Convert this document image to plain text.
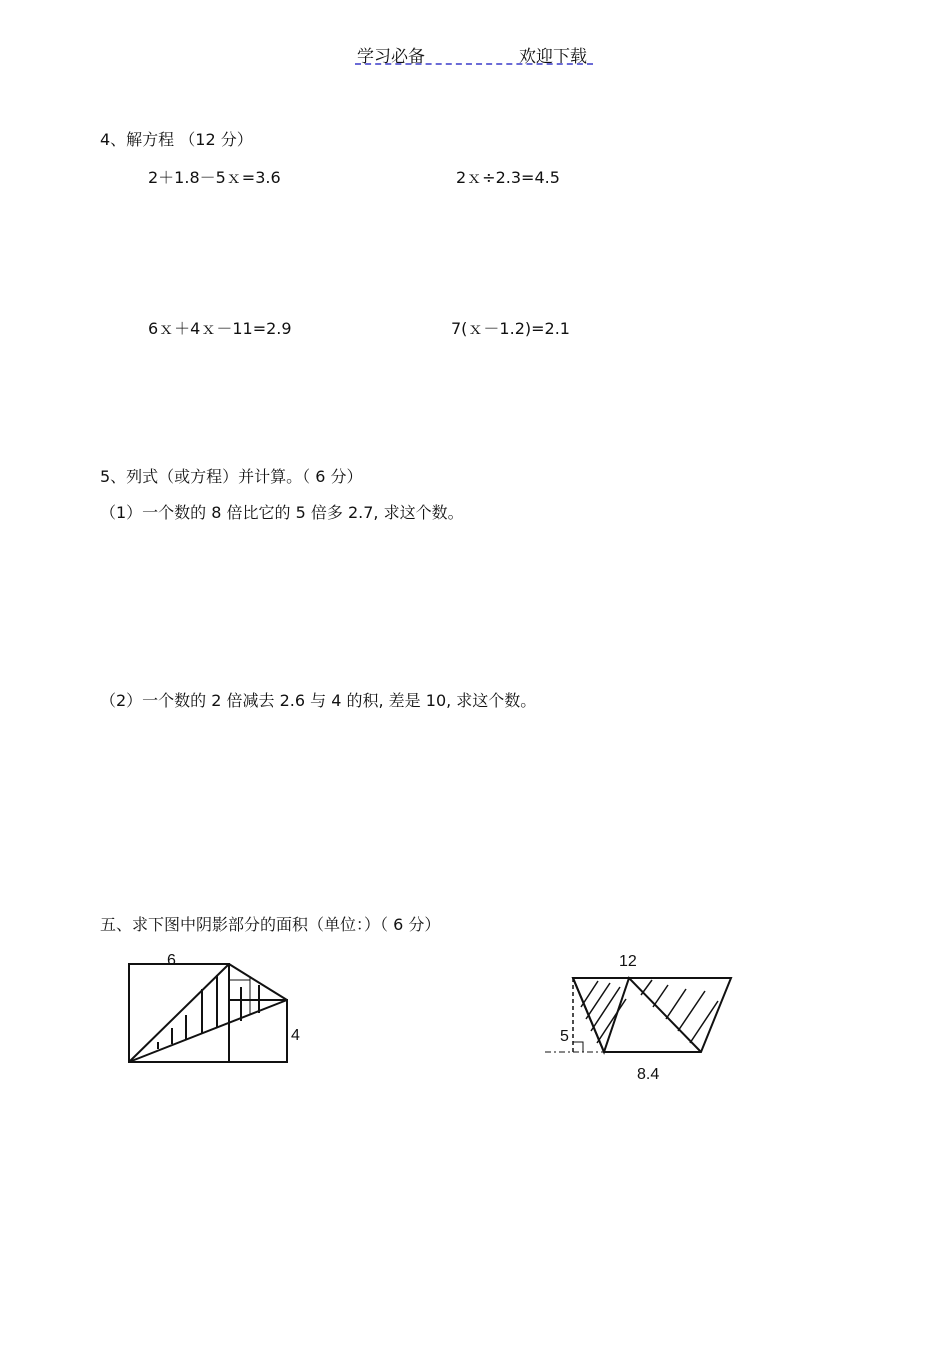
学习必备	欢迎下载
4、解方程 （12 分）
2＋1.8－5ｘ=3.6	2ｘ÷2.3=4.5
6ｘ＋4ｘ－11=2.9	7(ｘ－1.2)=2.1
5、列式（或方程）并计算。（ 6 分）
（1）一个数的 8 倍比它的 5 倍多 2.7, 求这个数。
（2）一个数的 2 倍减去 2.6 与 4 的积, 差是 10, 求这个数。
五、求下图中阴影部分的面积（单位：）（ 6 分）
6
4
12
5
8.4
